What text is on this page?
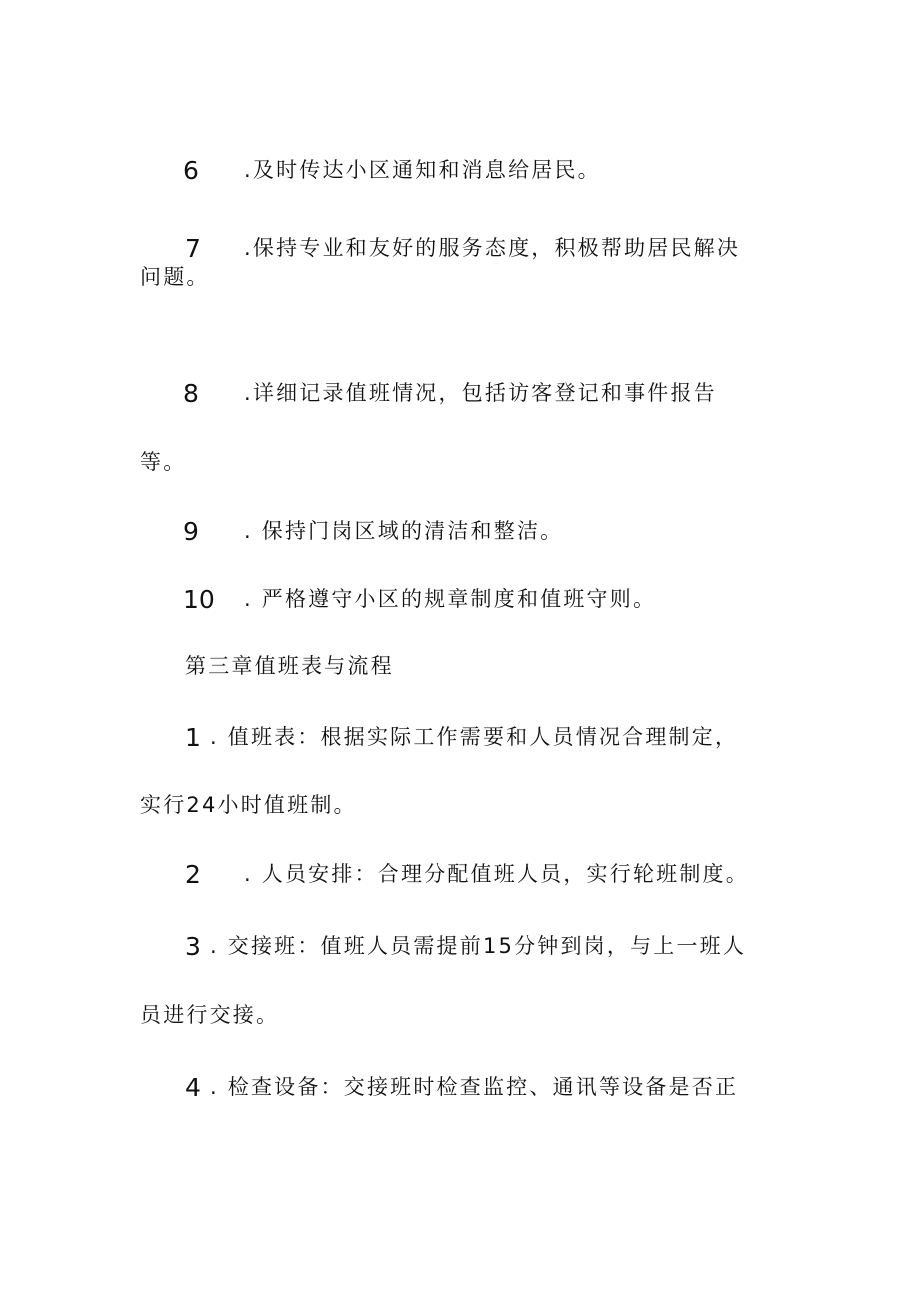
6 .及时传达小区通知和消息给居民。
7 .保持专业和友好的服务态度，积极帮助居民解决
问题。
8 .详细记录值班情况，包括访客登记和事件报告
等。
9 . 保持门岗区域的清洁和整洁。
10 . 严格遵守小区的规章制度和值班守则。
第三章值班表与流程
1 . 值班表：根据实际工作需要和人员情况合理制定，
实行24小时值班制。
2 . 人员安排：合理分配值班人员，实行轮班制度。
3 . 交接班：值班人员需提前15分钟到岗，与上一班人
员进行交接。
4 . 检查设备：交接班时检查监控、通讯等设备是否正
